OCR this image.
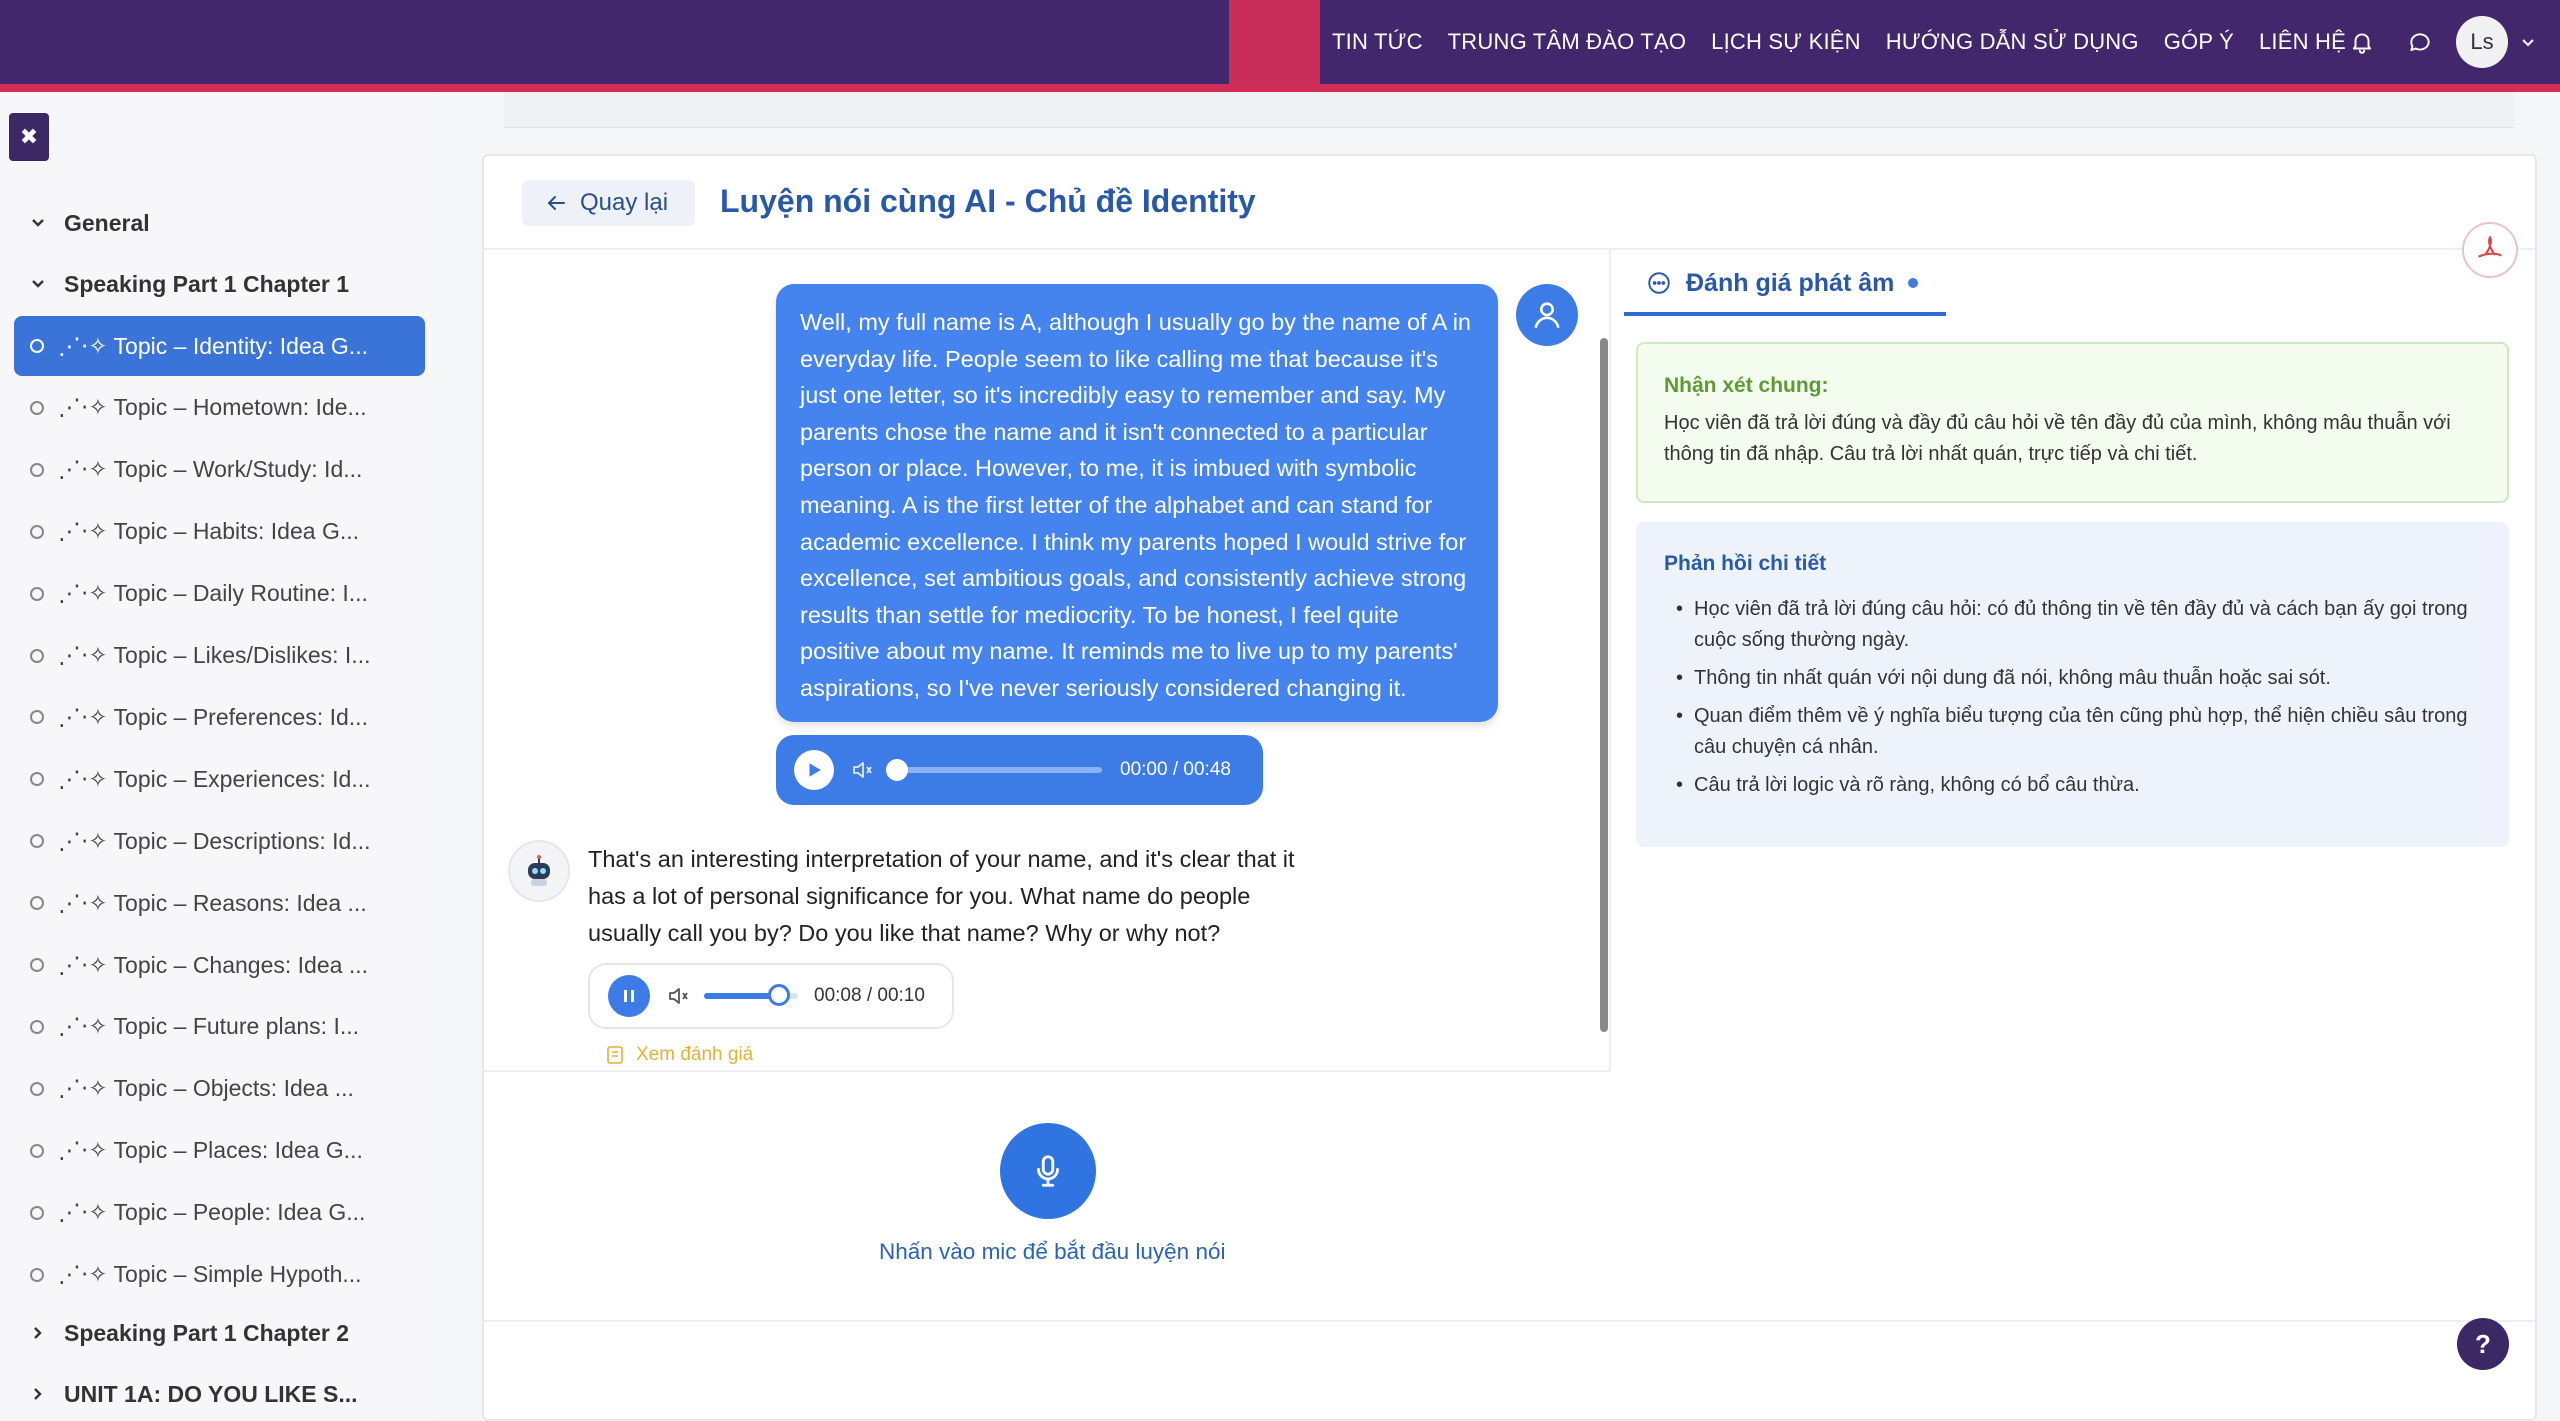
TIN TỨC TRUNG TÂM ĐÀO TẠO LỊCH SỰ KIỆN HƯỚNG DẪN SỬ DỤNG GÓP Ý LIÊN HỆ	Ls
✖
General
Speaking Part 1 Chapter 1
⋰⋅✧ Topic – Identity: Idea G...
⋰⋅✧ Topic – Hometown: Ide...
⋰⋅✧ Topic – Work/Study: Id...
⋰⋅✧ Topic – Habits: Idea G...
⋰⋅✧ Topic – Daily Routine: I...
⋰⋅✧ Topic – Likes/Dislikes: I...
⋰⋅✧ Topic – Preferences: Id...
⋰⋅✧ Topic – Experiences: Id...
⋰⋅✧ Topic – Descriptions: Id...
⋰⋅✧ Topic – Reasons: Idea ...
⋰⋅✧ Topic – Changes: Idea ...
⋰⋅✧ Topic – Future plans: I...
⋰⋅✧ Topic – Objects: Idea ...
⋰⋅✧ Topic – Places: Idea G...
⋰⋅✧ Topic – People: Idea G...
⋰⋅✧ Topic – Simple Hypoth...
Speaking Part 1 Chapter 2
UNIT 1A: DO YOU LIKE S...
Quay lại Luyện nói cùng AI - Chủ đề Identity
Well, my full name is A, although I usually go by the name of A in everyday life. People seem to like calling me that because it's just one letter, so it's incredibly easy to remember and say. My parents chose the name and it isn't connected to a particular person or place. However, to me, it is imbued with symbolic meaning. A is the first letter of the alphabet and can stand for academic excellence. I think my parents hoped I would strive for excellence, set ambitious goals, and consistently achieve strong results than settle for mediocrity. To be honest, I feel quite positive about my name. It reminds me to live up to my parents' aspirations, so I've never seriously considered changing it.
00:00 / 00:48
That's an interesting interpretation of your name, and it's clear that it has a lot of personal significance for you. What name do people usually call you by? Do you like that name? Why or why not?
00:08 / 00:10
Xem đánh giá
Nhấn vào mic để bắt đầu luyện nói
Đánh giá phát âm
Nhận xét chung:
Học viên đã trả lời đúng và đầy đủ câu hỏi về tên đầy đủ của mình, không mâu thuẫn với thông tin đã nhập. Câu trả lời nhất quán, trực tiếp và chi tiết.
Phản hồi chi tiết
• Học viên đã trả lời đúng câu hỏi: có đủ thông tin về tên đầy đủ và cách bạn ấy gọi trong cuộc sống thường ngày.
• Thông tin nhất quán với nội dung đã nói, không mâu thuẫn hoặc sai sót.
• Quan điểm thêm về ý nghĩa biểu tượng của tên cũng phù hợp, thể hiện chiều sâu trong câu chuyện cá nhân.
• Câu trả lời logic và rõ ràng, không có bổ câu thừa.
?
